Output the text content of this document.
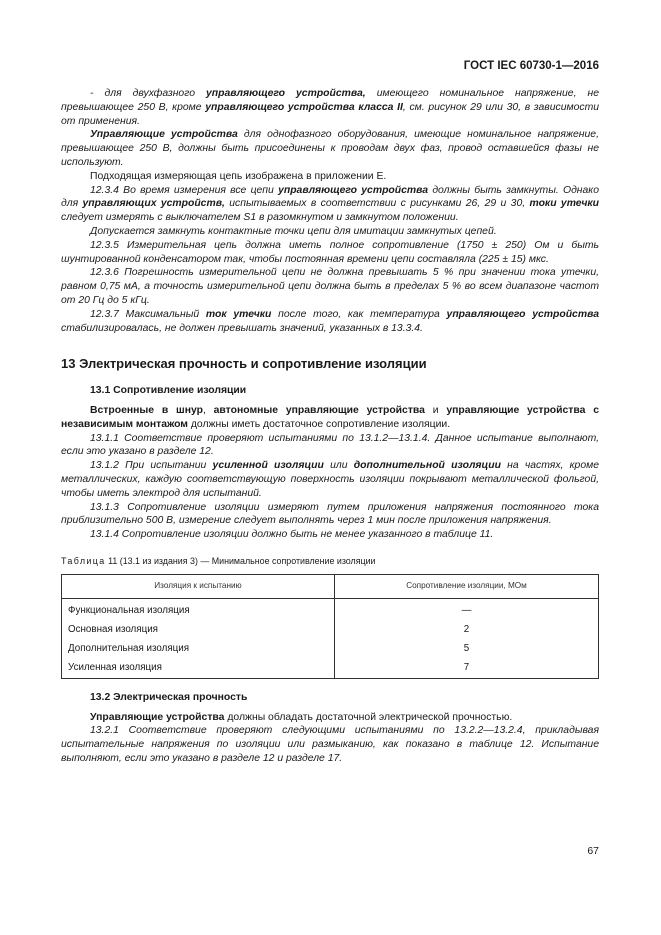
ГОСТ IEC 60730-1—2016

- для двухфазного управляющего устройства, имеющего номинальное напряжение, не превышающее 250 В, кроме управляющего устройства класса II, см. рисунок 29 или 30, в зависимости от применения.

Управляющие устройства для однофазного оборудования, имеющие номинальное напряжение, превышающее 250 В, должны быть присоединены к проводам двух фаз, провод оставшейся фазы не используют.

Подходящая измеряющая цепь изображена в приложении Е.

12.3.4 Во время измерения все цепи управляющего устройства должны быть замкнуты. Однако для управляющих устройств, испытываемых в соответствии с рисунками 26, 29 и 30, токи утечки следует измерять с выключателем S1 в разомкнутом и замкнутом положении.

Допускается замкнуть контактные точки цепи для имитации замкнутых цепей.

12.3.5 Измерительная цепь должна иметь полное сопротивление (1750 ± 250) Ом и быть шунтированной конденсатором так, чтобы постоянная времени цепи составляла (225 ± 15) мкс.

12.3.6 Погрешность измерительной цепи не должна превышать 5 % при значении тока утечки, равном 0,75 мА, а точность измерительной цепи должна быть в пределах 5 % во всем диапазоне частот от 20 Гц до 5 кГц.

12.3.7 Максимальный ток утечки после того, как температура управляющего устройства стабилизировалась, не должен превышать значений, указанных в 13.3.4.

13 Электрическая прочность и сопротивление изоляции
13.1 Сопротивление изоляции

Встроенные в шнур, автономные управляющие устройства и управляющие устройства с независимым монтажом должны иметь достаточное сопротивление изоляции.

13.1.1 Соответствие проверяют испытаниями по 13.1.2—13.1.4. Данное испытание выполнают, если это указано в разделе 12.

13.1.2 При испытании усиленной изоляции или дополнительной изоляции на частях, кроме металлических, каждую соответствующую поверхность изоляции покрывают металлической фольгой, чтобы иметь электрод для испытаний.

13.1.3 Сопротивление изоляции измеряют путем приложения напряжения постоянного тока приблизительно 500 В, измерение следует выполнять через 1 мин после приложения напряжения.

13.1.4 Сопротивление изоляции должно быть не менее указанного в таблице 11.

Таблица 11 (13.1 из издания 3) — Минимальное сопротивление изоляции
Изоляция к испытанию	Сопротивление изоляции, МОм
Функциональная изоляция	—
Основная изоляция	2
Дополнительная изоляция	5
Усиленная изоляция	7
13.2 Электрическая прочность

Управляющие устройства должны обладать достаточной электрической прочностью.

13.2.1 Соответствие проверяют следующими испытаниями по 13.2.2—13.2.4, прикладывая испытательные напряжения по изоляции или размыканию, как показано в таблице 12. Испытание выполняют, если это указано в разделе 12 и разделе 17.

67
